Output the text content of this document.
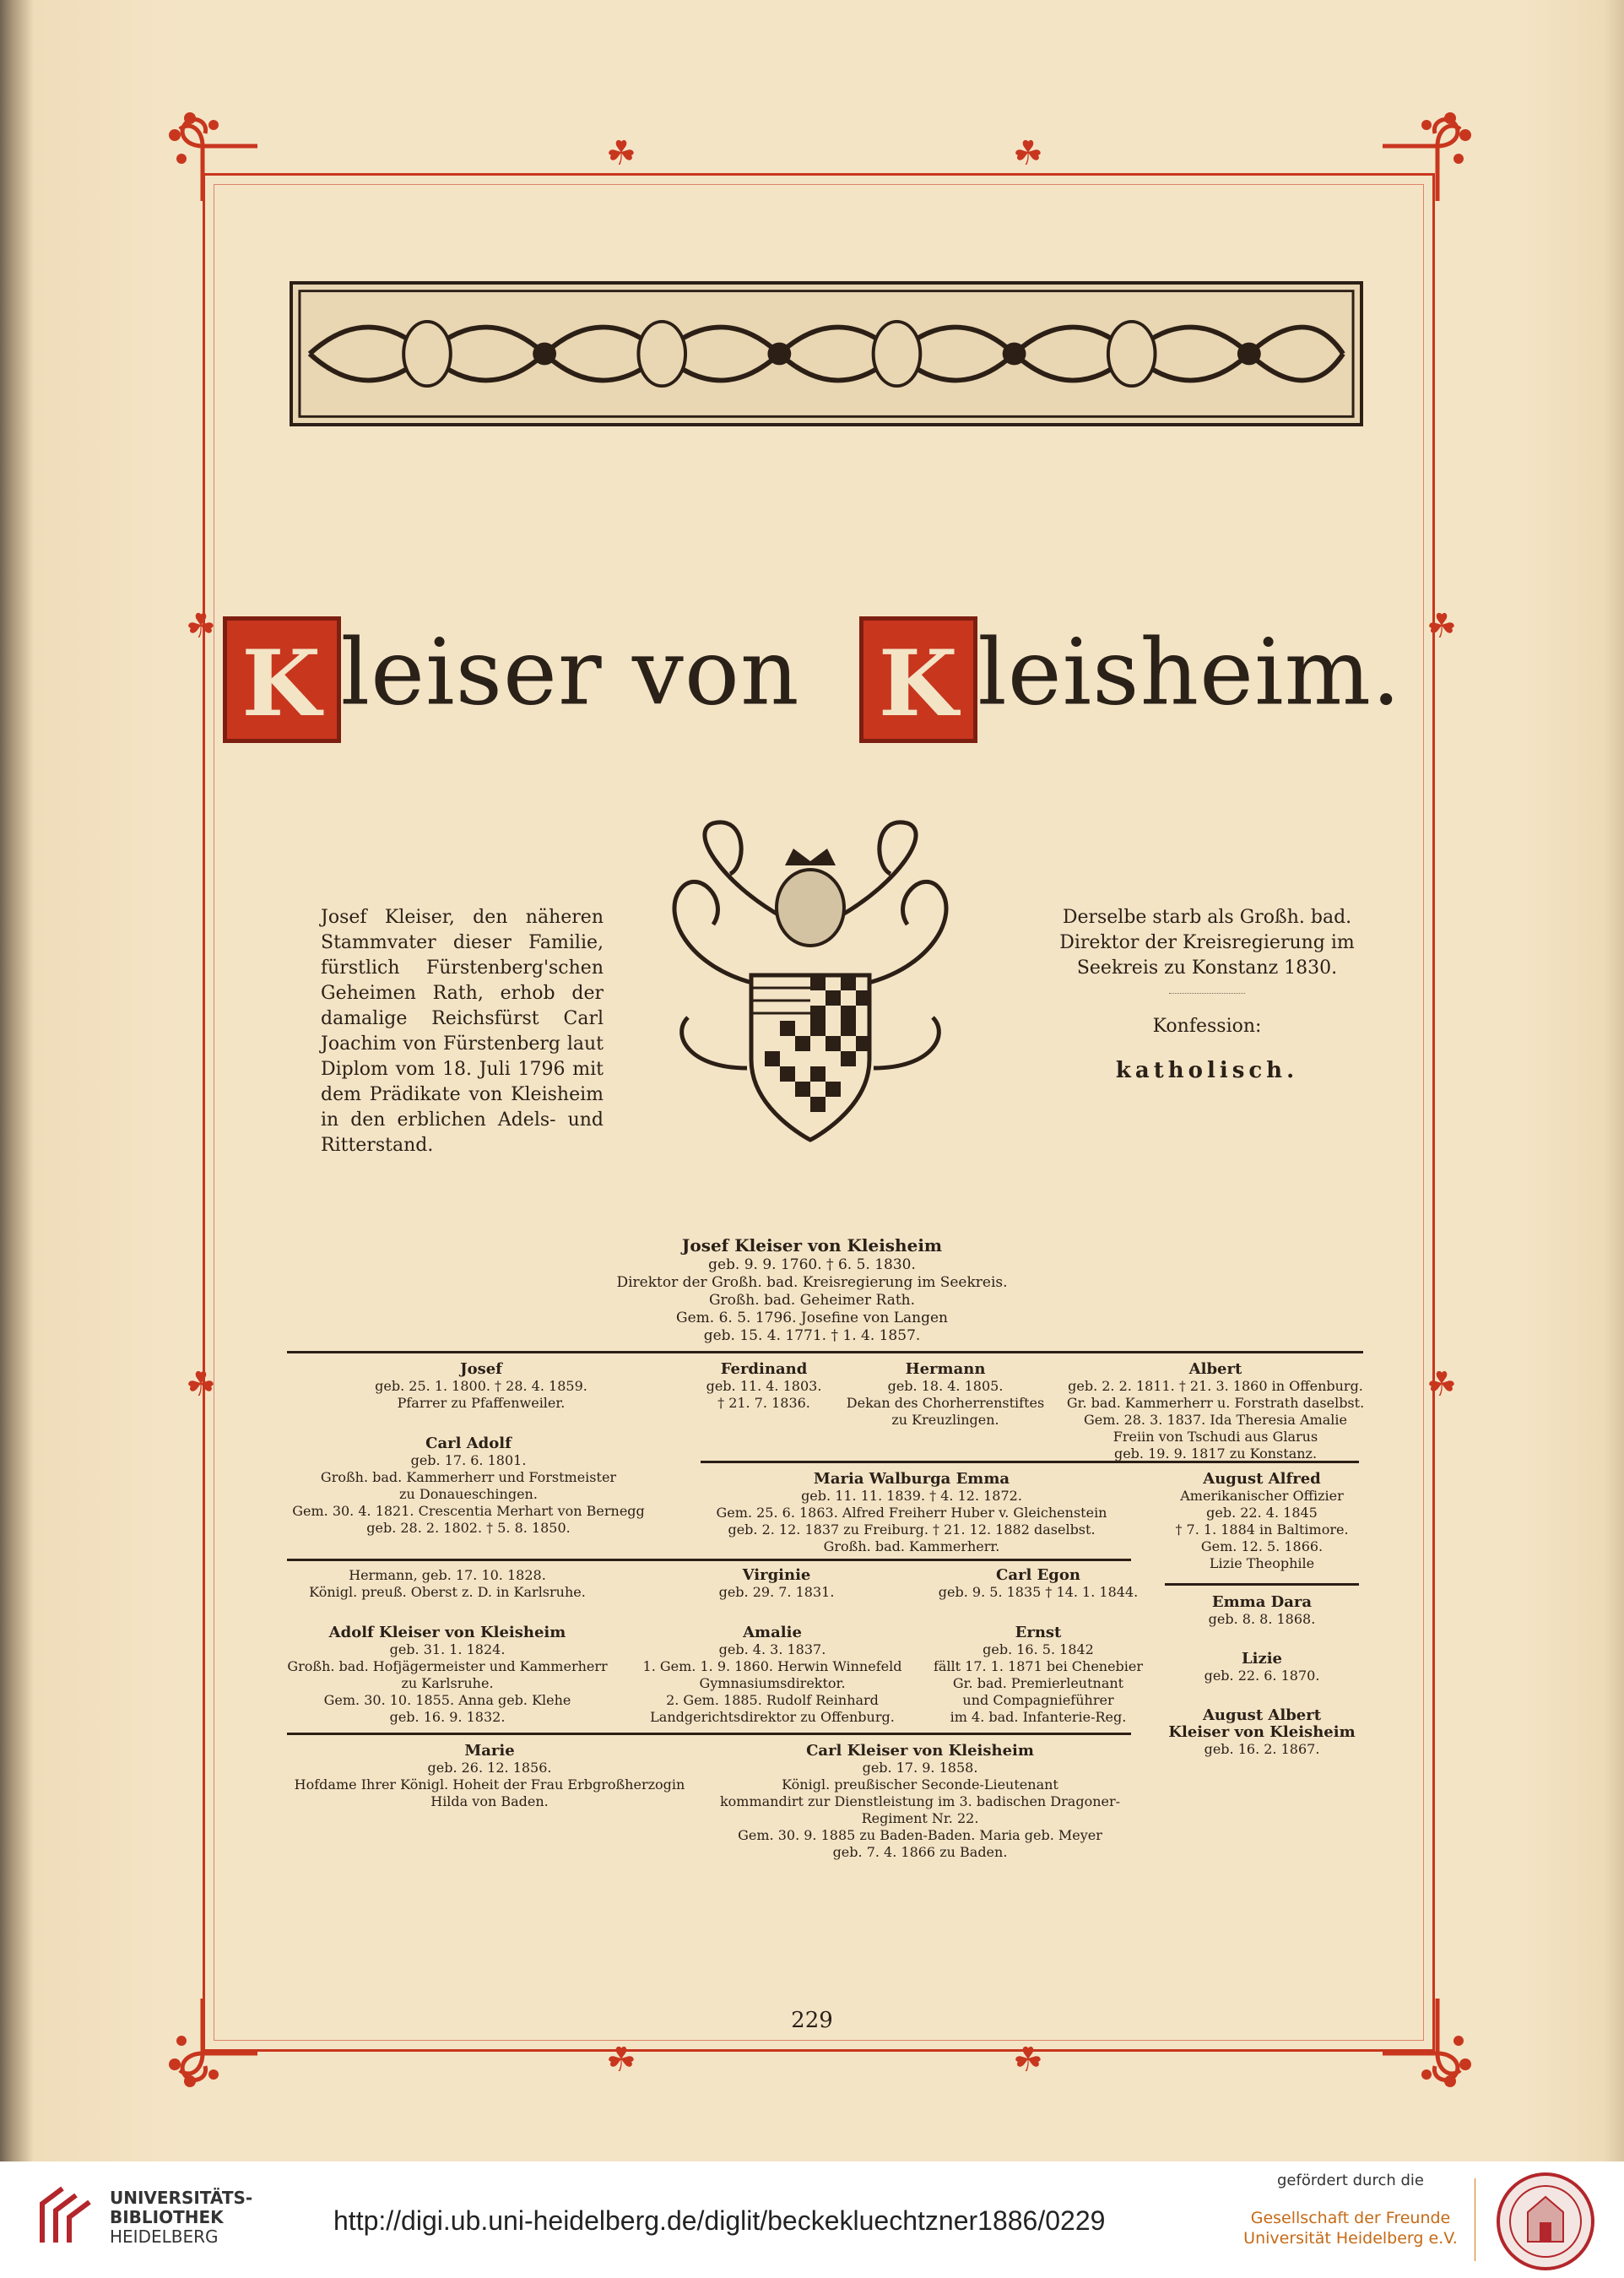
☘	☘
☘	☘
☘	☘
☘	☘
K leiser von K leisheim.
Josef Kleiser, den näheren Stammvater dieser Familie, fürstlich Fürstenberg'schen Geheimen Rath, erhob der damalige Reichsfürst Carl Joachim von Fürstenberg laut Diplom vom 18. Juli 1796 mit dem Prädikate von Kleisheim in den erblichen Adels- und Ritterstand.
Derselbe starb als Großh. bad. Direktor der Kreisregierung im Seekreis zu Konstanz 1830.
Konfession:
katholisch.
Josef Kleiser von Kleisheim
geb. 9. 9. 1760. † 6. 5. 1830.
Direktor der Großh. bad. Kreisregierung im Seekreis.
Großh. bad. Geheimer Rath.
Gem. 6. 5. 1796. Josefine von Langen
geb. 15. 4. 1771. † 1. 4. 1857.
Josef
geb. 25. 1. 1800. † 28. 4. 1859.
Pfarrer zu Pfaffenweiler.
Ferdinand
geb. 11. 4. 1803.
† 21. 7. 1836.
Hermann
geb. 18. 4. 1805.
Dekan des Chorherrenstiftes
zu Kreuzlingen.
Albert
geb. 2. 2. 1811. † 21. 3. 1860 in Offenburg.
Gr. bad. Kammerherr u. Forstrath daselbst.
Gem. 28. 3. 1837. Ida Theresia Amalie
Freiin von Tschudi aus Glarus
geb. 19. 9. 1817 zu Konstanz.
Carl Adolf
geb. 17. 6. 1801.
Großh. bad. Kammerherr und Forstmeister
zu Donaueschingen.
Gem. 30. 4. 1821. Crescentia Merhart von Bernegg
geb. 28. 2. 1802. † 5. 8. 1850.
Maria Walburga Emma
geb. 11. 11. 1839. † 4. 12. 1872.
Gem. 25. 6. 1863. Alfred Freiherr Huber v. Gleichenstein
geb. 2. 12. 1837 zu Freiburg. † 21. 12. 1882 daselbst.
Großh. bad. Kammerherr.
August Alfred
Amerikanischer Offizier
geb. 22. 4. 1845
† 7. 1. 1884 in Baltimore.
Gem. 12. 5. 1866.
Lizie Theophile
Hermann, geb. 17. 10. 1828.
Königl. preuß. Oberst z. D. in Karlsruhe.
Virginie
geb. 29. 7. 1831.
Carl Egon
geb. 9. 5. 1835 † 14. 1. 1844.
Adolf Kleiser von Kleisheim
geb. 31. 1. 1824.
Großh. bad. Hofjägermeister und Kammerherr
zu Karlsruhe.
Gem. 30. 10. 1855. Anna geb. Klehe
geb. 16. 9. 1832.
Amalie
geb. 4. 3. 1837.
1. Gem. 1. 9. 1860. Herwin Winnefeld
Gymnasiumsdirektor.
2. Gem. 1885. Rudolf Reinhard
Landgerichtsdirektor zu Offenburg.
Ernst
geb. 16. 5. 1842
fällt 17. 1. 1871 bei Chenebier
Gr. bad. Premierleutnant
und Compagnieführer
im 4. bad. Infanterie-Reg.
Emma Dara
geb. 8. 8. 1868.
Lizie
geb. 22. 6. 1870.
August Albert
Kleiser von Kleisheim
geb. 16. 2. 1867.
Marie
geb. 26. 12. 1856.
Hofdame Ihrer Königl. Hoheit der Frau Erbgroßherzogin
Hilda von Baden.
Carl Kleiser von Kleisheim
geb. 17. 9. 1858.
Königl. preußischer Seconde-Lieutenant
kommandirt zur Dienstleistung im 3. badischen Dragoner-
Regiment Nr. 22.
Gem. 30. 9. 1885 zu Baden-Baden. Maria geb. Meyer
geb. 7. 4. 1866 zu Baden.
229
UNIVERSITÄTS-
BIBLIOTHEK
HEIDELBERG
http://digi.ub.uni-heidelberg.de/diglit/beckekluechtzner1886/0229
gefördert durch die
Gesellschaft der Freunde
Universität Heidelberg e.V.
